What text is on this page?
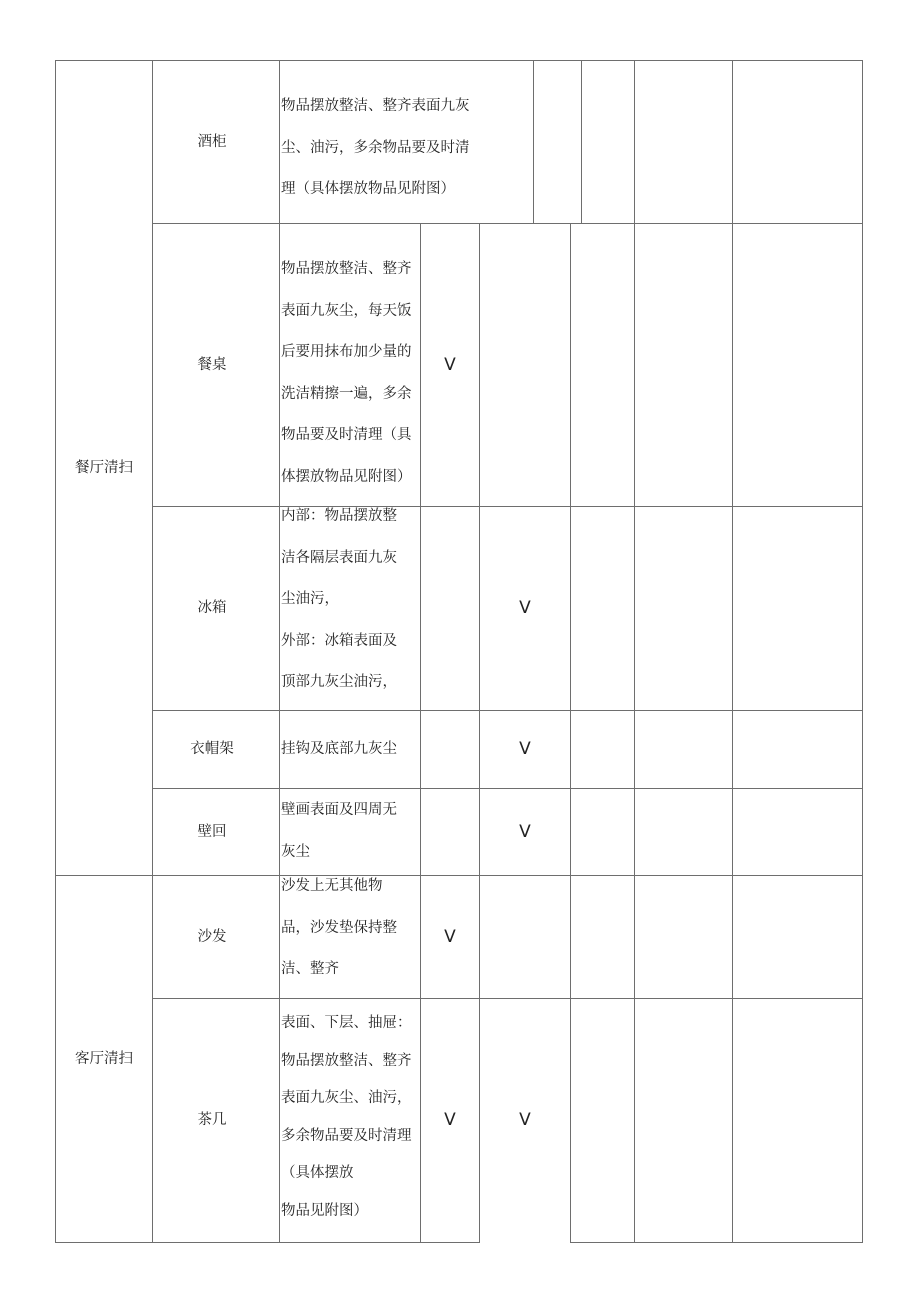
餐厅清扫
客厅清扫
酒柜
餐桌
冰箱
衣帽架
壁回
沙发
茶几
物品摆放整洁、整齐表面九灰
尘、油污，多余物品要及时清
理（具体摆放物品见附图）
物品摆放整洁、整齐
表面九灰尘，每天饭
后要用抹布加少量的
洗洁精擦一遍，多余
物品要及时清理（具
体摆放物品见附图）
内部：物品摆放整
洁各隔层表面九灰
尘油污，
外部：冰箱表面及
顶部九灰尘油污，
挂钩及底部九灰尘
壁画表面及四周无
灰尘
沙发上无其他物
品，沙发垫保持整
洁、整齐
表面、下层、抽屉：
物品摆放整洁、整齐
表面九灰尘、油污，
多余物品要及时清理
（具体摆放
物品见附图）
V
V
V
V
V
V	V
